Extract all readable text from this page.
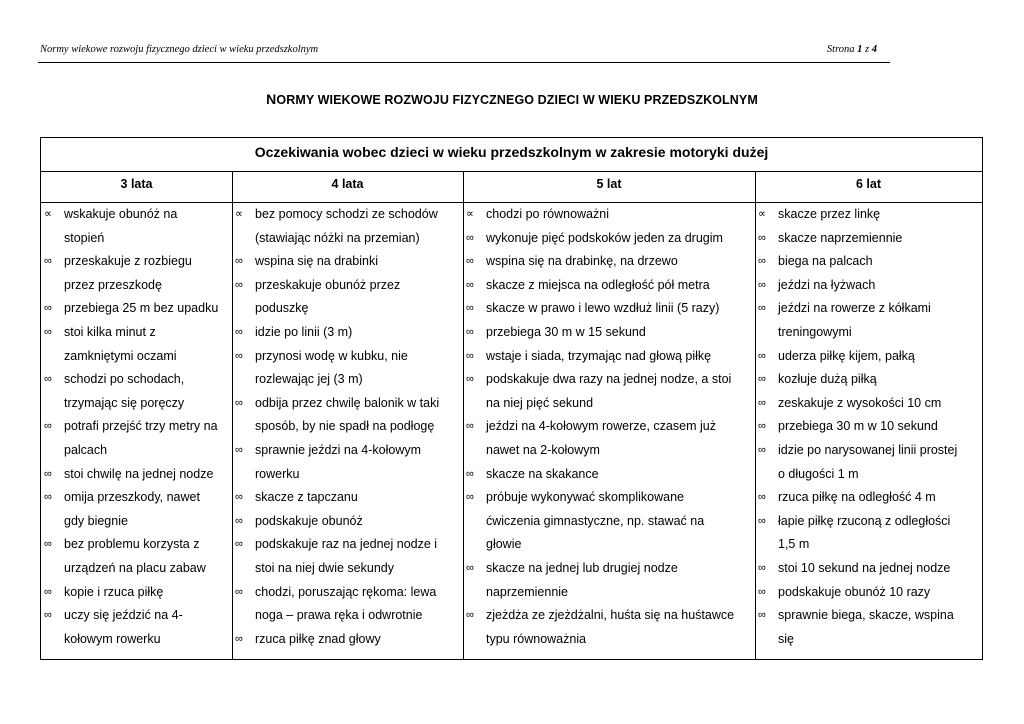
Normy wiekowe rozwoju fizycznego dzieci w wieku przedszkolnym	Strona 1 z 4
NORMY WIEKOWE ROZWOJU FIZYCZNEGO DZIECI W WIEKU PRZEDSZKOLNYM
Oczekiwania wobec dzieci w wieku przedszkolnym w zakresie motoryki dużej
3 lata	4 lata	5 lat	6 lat
∝ wskakuje obunóż na
stopień
∞ przeskakuje z rozbiegu
przez przeszkodę
∞ przebiega 25 m bez upadku
∞ stoi kilka minut z
zamkniętymi oczami
∞ schodzi po schodach,
trzymając się poręczy
∞ potrafi przejść trzy metry na
palcach
∞ stoi chwilę na jednej nodze
∞ omija przeszkody, nawet
gdy biegnie
∞ bez problemu korzysta z
urządzeń na placu zabaw
∞ kopie i rzuca piłkę
∞ uczy się jeździć na 4-
kołowym rowerku
∝ bez pomocy schodzi ze schodów
(stawiając nóżki na przemian)
∞ wspina się na drabinki
∞ przeskakuje obunóż przez
poduszkę
∞ idzie po linii (3 m)
∞ przynosi wodę w kubku, nie
rozlewając jej (3 m)
∞ odbija przez chwilę balonik w taki
sposób, by nie spadł na podłogę
∞ sprawnie jeździ na 4-kołowym
rowerku
∞ skacze z tapczanu
∞ podskakuje obunóż
∞ podskakuje raz na jednej nodze i
stoi na niej dwie sekundy
∞ chodzi, poruszając rękoma: lewa
noga – prawa ręka i odwrotnie
∞ rzuca piłkę znad głowy
∝ chodzi po równoważni
∞ wykonuje pięć podskoków jeden za drugim
∞ wspina się na drabinkę, na drzewo
∞ skacze z miejsca na odległość pół metra
∞ skacze w prawo i lewo wzdłuż linii (5 razy)
∞ przebiega 30 m w 15 sekund
∞ wstaje i siada, trzymając nad głową piłkę
∞ podskakuje dwa razy na jednej nodze, a stoi
na niej pięć sekund
∞ jeździ na 4-kołowym rowerze, czasem już
nawet na 2-kołowym
∞ skacze na skakance
∞ próbuje wykonywać skomplikowane
ćwiczenia gimnastyczne, np. stawać na
głowie
∞ skacze na jednej lub drugiej nodze
naprzemiennie
∞ zjeżdża ze zjeżdżalni, huśta się na huśtawce
typu równoważnia
∝ skacze przez linkę
∞ skacze naprzemiennie
∞ biega na palcach
∞ jeździ na łyżwach
∞ jeździ na rowerze z kółkami
treningowymi
∞ uderza piłkę kijem, pałką
∞ kozłuje dużą piłką
∞ zeskakuje z wysokości 10 cm
∞ przebiega 30 m w 10 sekund
∞ idzie po narysowanej linii prostej
o długości 1 m
∞ rzuca piłkę na odległość 4 m
∞ łapie piłkę rzuconą z odległości
1,5 m
∞ stoi 10 sekund na jednej nodze
∞ podskakuje obunóż 10 razy
∞ sprawnie biega, skacze, wspina
się
